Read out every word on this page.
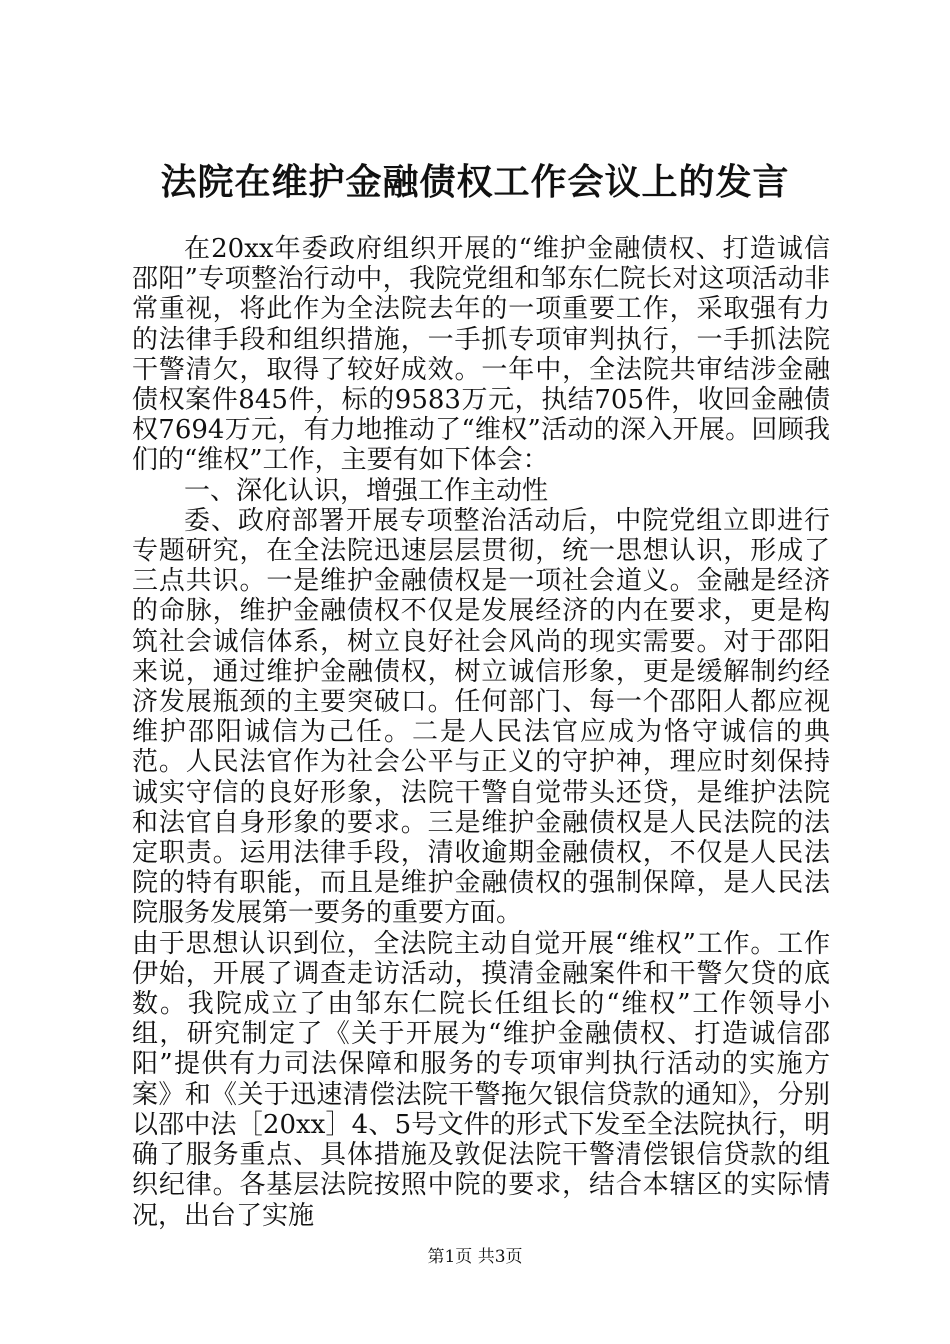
法院在维护金融债权工作会议上的发言

在20xx年委政府组织开展的“维护金融债权、打造诚信邵阳”专项整治行动中，我院党组和邹东仁院长对这项活动非常重视，将此作为全法院去年的一项重要工作，采取强有力的法律手段和组织措施，一手抓专项审判执行，一手抓法院干警清欠，取得了较好成效。一年中，全法院共审结涉金融债权案件845件，标的9583万元，执结705件，收回金融债权7694万元，有力地推动了“维权”活动的深入开展。回顾我们的“维权”工作，主要有如下体会：

一、深化认识，增强工作主动性

委、政府部署开展专项整治活动后，中院党组立即进行专题研究，在全法院迅速层层贯彻，统一思想认识，形成了三点共识。一是维护金融债权是一项社会道义。金融是经济的命脉，维护金融债权不仅是发展经济的内在要求，更是构筑社会诚信体系，树立良好社会风尚的现实需要。对于邵阳来说，通过维护金融债权，树立诚信形象，更是缓解制约经济发展瓶颈的主要突破口。任何部门、每一个邵阳人都应视维护邵阳诚信为己任。二是人民法官应成为恪守诚信的典范。人民法官作为社会公平与正义的守护神，理应时刻保持诚实守信的良好形象，法院干警自觉带头还贷，是维护法院和法官自身形象的要求。三是维护金融债权是人民法院的法定职责。运用法律手段，清收逾期金融债权，不仅是人民法院的特有职能，而且是维护金融债权的强制保障，是人民法院服务发展第一要务的重要方面。

由于思想认识到位，全法院主动自觉开展“维权”工作。工作伊始，开展了调查走访活动，摸清金融案件和干警欠贷的底数。我院成立了由邹东仁院长任组长的“维权”工作领导小组，研究制定了《关于开展为“维护金融债权、打造诚信邵阳”提供有力司法保障和服务的专项审判执行活动的实施方案》和《关于迅速清偿法院干警拖欠银信贷款的通知》，分别以邵中法［20xx］4、5号文件的形式下发至全法院执行，明确了服务重点、具体措施及敦促法院干警清偿银信贷款的组织纪律。各基层法院按照中院的要求，结合本辖区的实际情况，出台了实施

第1页 共3页
